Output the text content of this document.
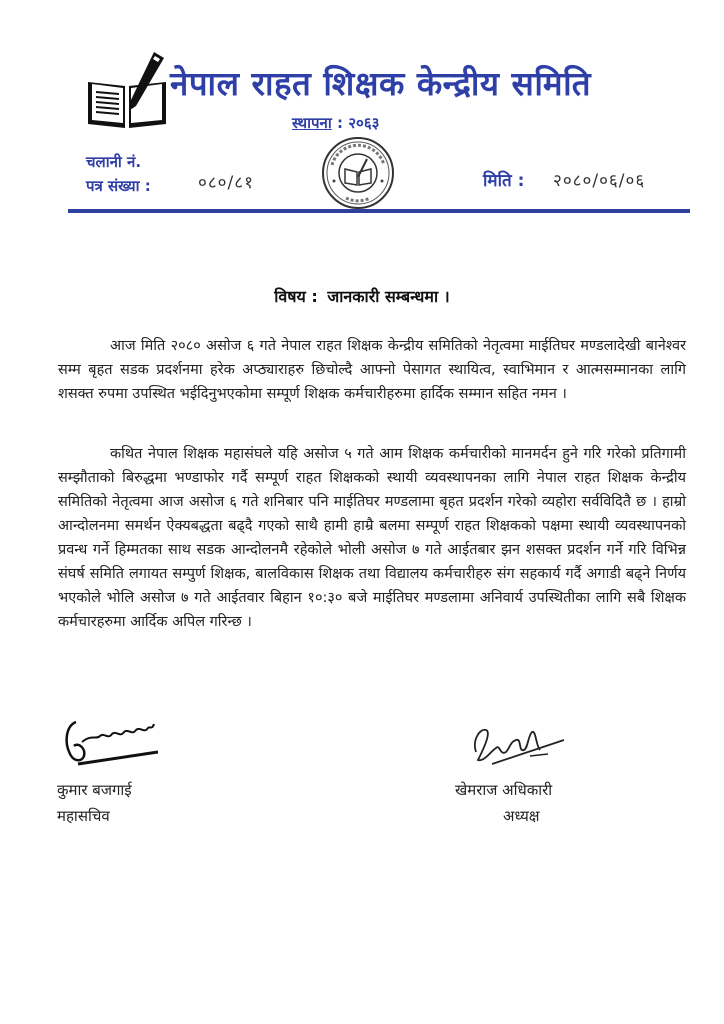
नेपाल राहत शिक्षक केन्द्रीय समिति
स्थापना : २०६३
चलानी नं.
पत्र संख्या :	०८०/८१	मिति : २०८०/०६/०६
विषय : जानकारी सम्बन्धमा ।

आज मिति २०८० असोज ६ गते नेपाल राहत शिक्षक केन्द्रीय समितिको नेतृत्वमा माईतिघर मण्डलादेखी बानेश्वर सम्म बृहत सडक प्रदर्शनमा हरेक अप्ठ्याराहरु छिचोल्दै आफ्नो पेसागत स्थायित्व, स्वाभिमान र आत्मसम्मानका लागि शसक्त रुपमा उपस्थित भईदिनुभएकोमा सम्पूर्ण शिक्षक कर्मचारीहरुमा हार्दिक सम्मान सहित नमन ।

कथित नेपाल शिक्षक महासंघले यहि असोज ५ गते आम शिक्षक कर्मचारीको मानमर्दन हुने गरि गरेको प्रतिगामी सम्झौताको बिरुद्धमा भण्डाफोर गर्दै सम्पूर्ण राहत शिक्षकको स्थायी व्यवस्थापनका लागि नेपाल राहत शिक्षक केन्द्रीय समितिको नेतृत्वमा आज असोज ६ गते शनिबार पनि माईतिघर मण्डलामा बृहत प्रदर्शन गरेको व्यहोरा सर्वविदितै छ । हाम्रो आन्दोलनमा समर्थन ऐक्यबद्धता बढ्दै गएको साथै हामी हाम्रै बलमा सम्पूर्ण राहत शिक्षकको पक्षमा स्थायी व्यवस्थापनको प्रवन्ध गर्ने हिम्मतका साथ सडक आन्दोलनमै रहेकोले भोली असोज ७ गते आईतबार झन शसक्त प्रदर्शन गर्ने गरि विभिन्न संघर्ष समिति लगायत सम्पुर्ण शिक्षक, बालविकास शिक्षक तथा विद्यालय कर्मचारीहरु संग सहकार्य गर्दै अगाडी बढ्ने निर्णय भएकोले भोलि असोज ७ गते आईतवार बिहान १०:३० बजे माईतिघर मण्डलामा अनिवार्य उपस्थितीका लागि सबै शिक्षक कर्मचारहरुमा आर्दिक अपिल गरिन्छ ।

कुमार बजगाई
महासचिव
खेमराज अधिकारी
अध्यक्ष
